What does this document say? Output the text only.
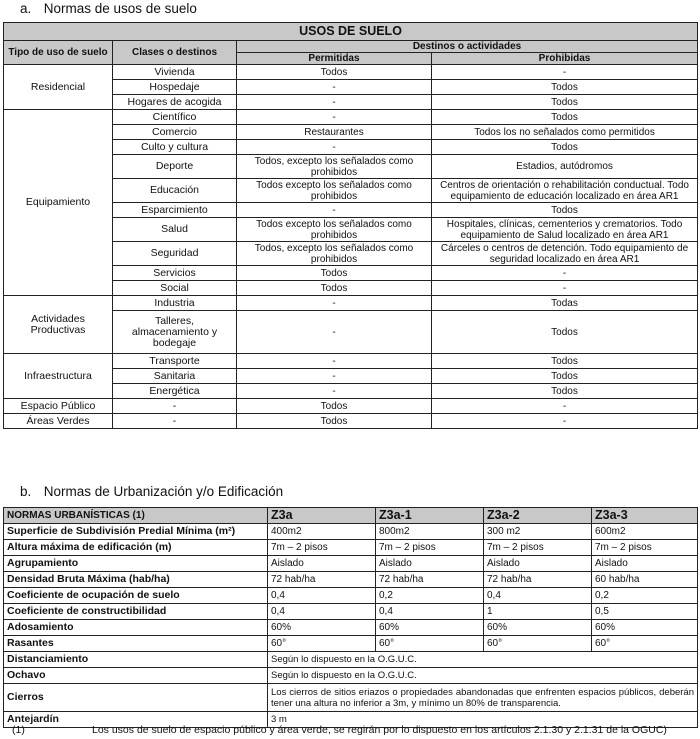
a. Normas de usos de suelo
USOS DE SUELO			
Tipo de uso de suelo	Clases o destinos	Destinos o actividades	
		Permitidas	Prohibidas
Residencial	Vivienda	Todos	-
	Hospedaje	-	Todos
	Hogares de acogida	-	Todos
Equipamiento	Científico	-	Todos
	Comercio	Restaurantes	Todos los no señalados como permitidos
	Culto y cultura	-	Todos
	Deporte	Todos, excepto los señalados como prohibidos	Estadios, autódromos
	Educación	Todos excepto los señalados como prohibidos	Centros de orientación o rehabilitación conductual. Todo equipamiento de educación localizado en área AR1
	Esparcimiento	-	Todos
	Salud	Todos excepto los señalados como prohibidos	Hospitales, clínicas, cementerios y crematorios. Todo equipamiento de Salud localizado en área AR1
	Seguridad	Todos, excepto los señalados como prohibidos	Cárceles o centros de detención. Todo equipamiento de seguridad localizado en área AR1
	Servicios	Todos	-
	Social	Todos	-
Actividades Productivas	Industria	-	Todas
	Talleres, almacenamiento y bodegaje	-	Todos
Infraestructura	Transporte	-	Todos
	Sanitaria	-	Todos
	Energética	-	Todos
Espacio Público	-	Todos	-
Áreas Verdes	-	Todos	-
b. Normas de Urbanización y/o Edificación
NORMAS URBANÍSTICAS (1)	Z3a	Z3a-1	Z3a-2	Z3a-3
Superficie de Subdivisión Predial Mínima (m²)	400m2	800m2	300 m2	600m2
Altura máxima de edificación (m)	7m – 2 pisos	7m – 2 pisos	7m – 2 pisos	7m – 2 pisos
Agrupamiento	Aislado	Aislado	Aislado	Aislado
Densidad Bruta Máxima (hab/ha)	72 hab/ha	72 hab/ha	72 hab/ha	60 hab/ha
Coeficiente de ocupación de suelo	0,4	0,2	0,4	0,2
Coeficiente de constructibilidad	0,4	0,4	1	0,5
Adosamiento	60%	60%	60%	60%
Rasantes	60°	60°	60°	60°
Distanciamiento	Según lo dispuesto en la O.G.U.C.			
Ochavo	Según lo dispuesto en la O.G.U.C.			
Cierros	Los cierros de sitios eriazos o propiedades abandonadas que enfrenten espacios públicos, deberán tener una altura no inferior a 3m, y mínimo un 80% de transparencia.			
Antejardín	3 m			
(1)	Los usos de suelo de espacio público y área verde, se regirán por lo dispuesto en los artículos 2.1.30 y 2.1.31 de la OGUC)
